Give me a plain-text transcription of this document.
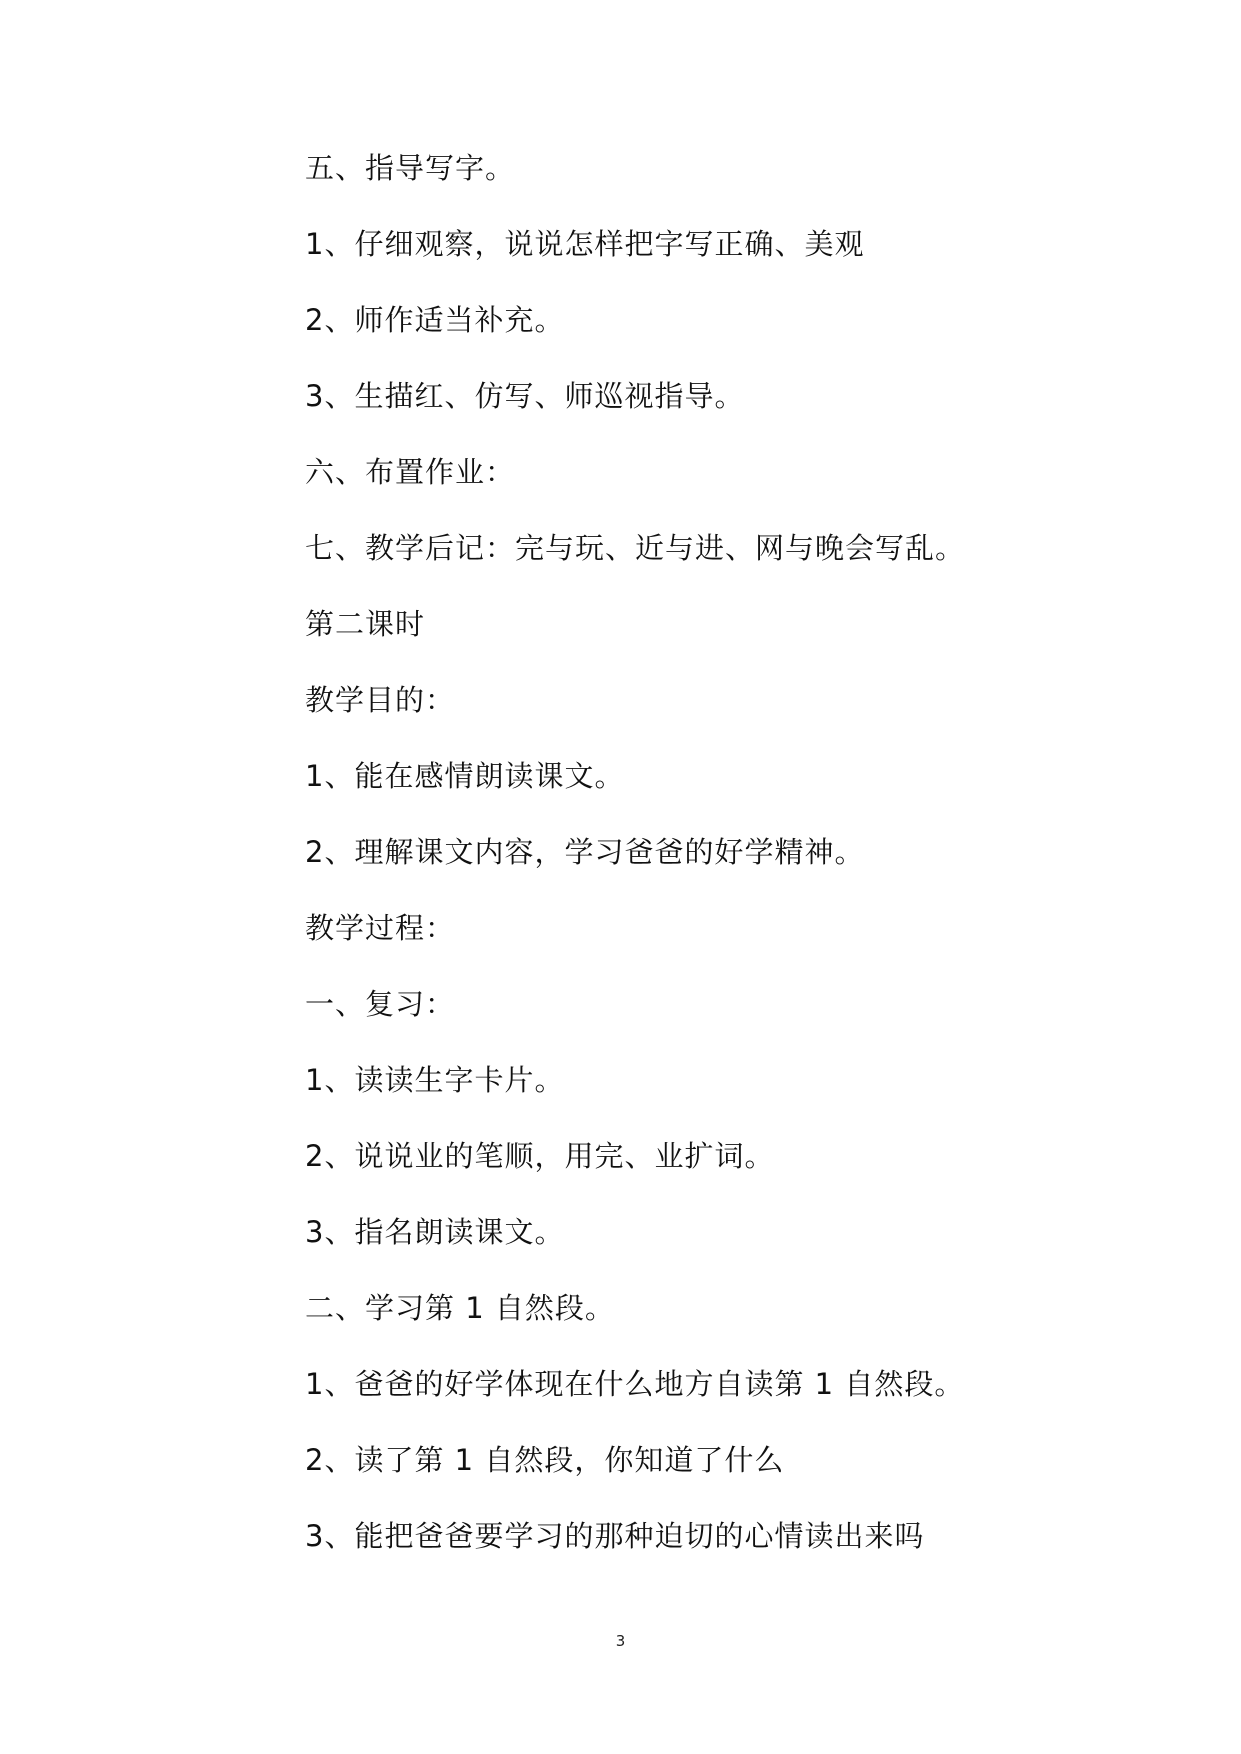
五、指导写字。

1、仔细观察，说说怎样把字写正确、美观

2、师作适当补充。

3、生描红、仿写、师巡视指导。

六、布置作业：

七、教学后记：完与玩、近与进、网与晚会写乱。

第二课时

教学目的：

1、能在感情朗读课文。

2、理解课文内容，学习爸爸的好学精神。

教学过程：

一、复习：

1、读读生字卡片。

2、说说业的笔顺，用完、业扩词。

3、指名朗读课文。

二、学习第 1 自然段。

1、爸爸的好学体现在什么地方自读第 1 自然段。

2、读了第 1 自然段，你知道了什么

3、能把爸爸要学习的那种迫切的心情读出来吗

3
